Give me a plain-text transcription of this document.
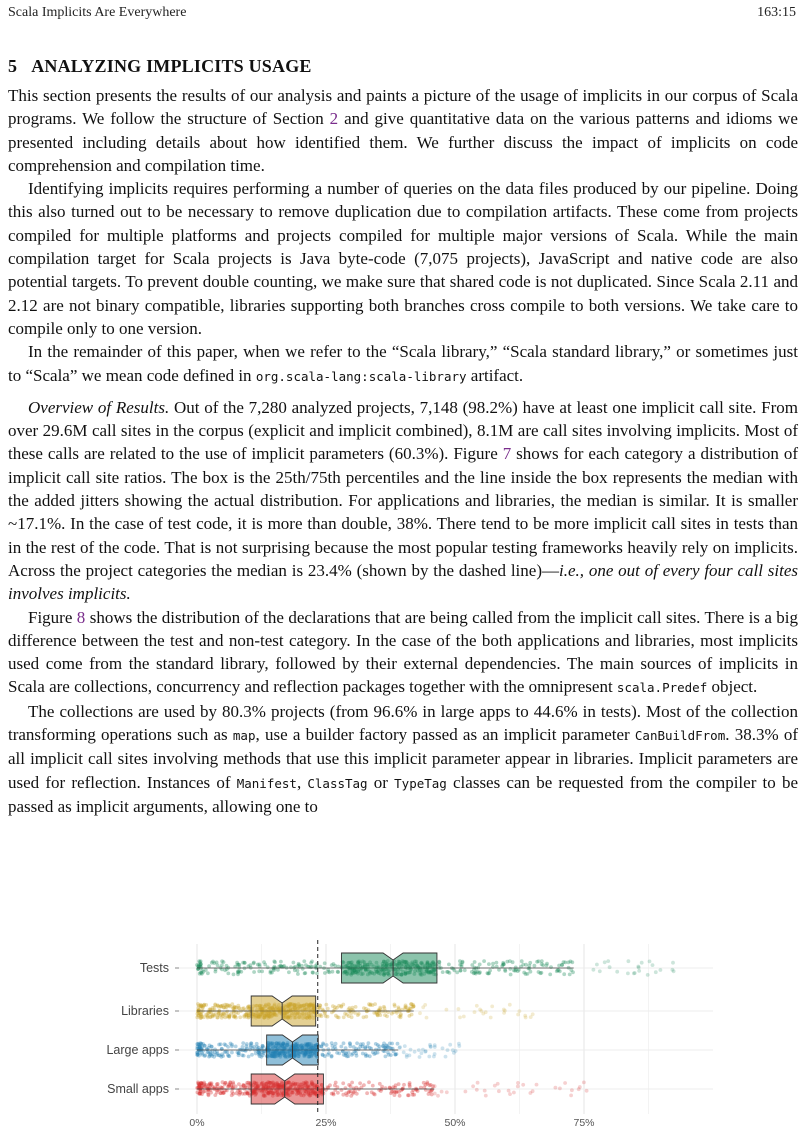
Scala Implicits Are Everywhere	163:15
5 ANALYZING IMPLICITS USAGE

This section presents the results of our analysis and paints a picture of the usage of implicits in our corpus of Scala programs. We follow the structure of Section 2 and give quantitative data on the various patterns and idioms we presented including details about how identified them. We further discuss the impact of implicits on code comprehension and compilation time.

Identifying implicits requires performing a number of queries on the data files produced by our pipeline. Doing this also turned out to be necessary to remove duplication due to compilation artifacts. These come from projects compiled for multiple platforms and projects compiled for multiple major versions of Scala. While the main compilation target for Scala projects is Java byte-code (7,075 projects), JavaScript and native code are also potential targets. To prevent double counting, we make sure that shared code is not duplicated. Since Scala 2.11 and 2.12 are not binary compatible, libraries supporting both branches cross compile to both versions. We take care to compile only to one version.

In the remainder of this paper, when we refer to the “Scala library,” “Scala standard library,” or sometimes just to “Scala” we mean code defined in org.scala-lang:scala-library artifact.

Overview of Results. Out of the 7,280 analyzed projects, 7,148 (98.2%) have at least one implicit call site. From over 29.6M call sites in the corpus (explicit and implicit combined), 8.1M are call sites involving implicits. Most of these calls are related to the use of implicit parameters (60.3%). Figure 7 shows for each category a distribution of implicit call site ratios. The box is the 25th/75th percentiles and the line inside the box represents the median with the added jitters showing the actual distribution. For applications and libraries, the median is similar. It is smaller ~17.1%. In the case of test code, it is more than double, 38%. There tend to be more implicit call sites in tests than in the rest of the code. That is not surprising because the most popular testing frameworks heavily rely on implicits. Across the project categories the median is 23.4% (shown by the dashed line)—i.e., one out of every four call sites involves implicits.

Figure 8 shows the distribution of the declarations that are being called from the implicit call sites. There is a big difference between the test and non-test category. In the case of the both applications and libraries, most implicits used come from the standard library, followed by their external dependencies. The main sources of implicits in Scala are collections, concurrency and reflection packages together with the omnipresent scala.Predef object.

The collections are used by 80.3% projects (from 96.6% in large apps to 44.6% in tests). Most of the collection transforming operations such as map, use a builder factory passed as an implicit parameter CanBuildFrom. 38.3% of all implicit call sites involving methods that use this implicit parameter appear in libraries. Implicit parameters are used for reflection. Instances of Manifest, ClassTag or TypeTag classes can be requested from the compiler to be passed as implicit arguments, allowing one to

0%	25%	50%	75%
Tests
Libraries
Large apps
Small apps
